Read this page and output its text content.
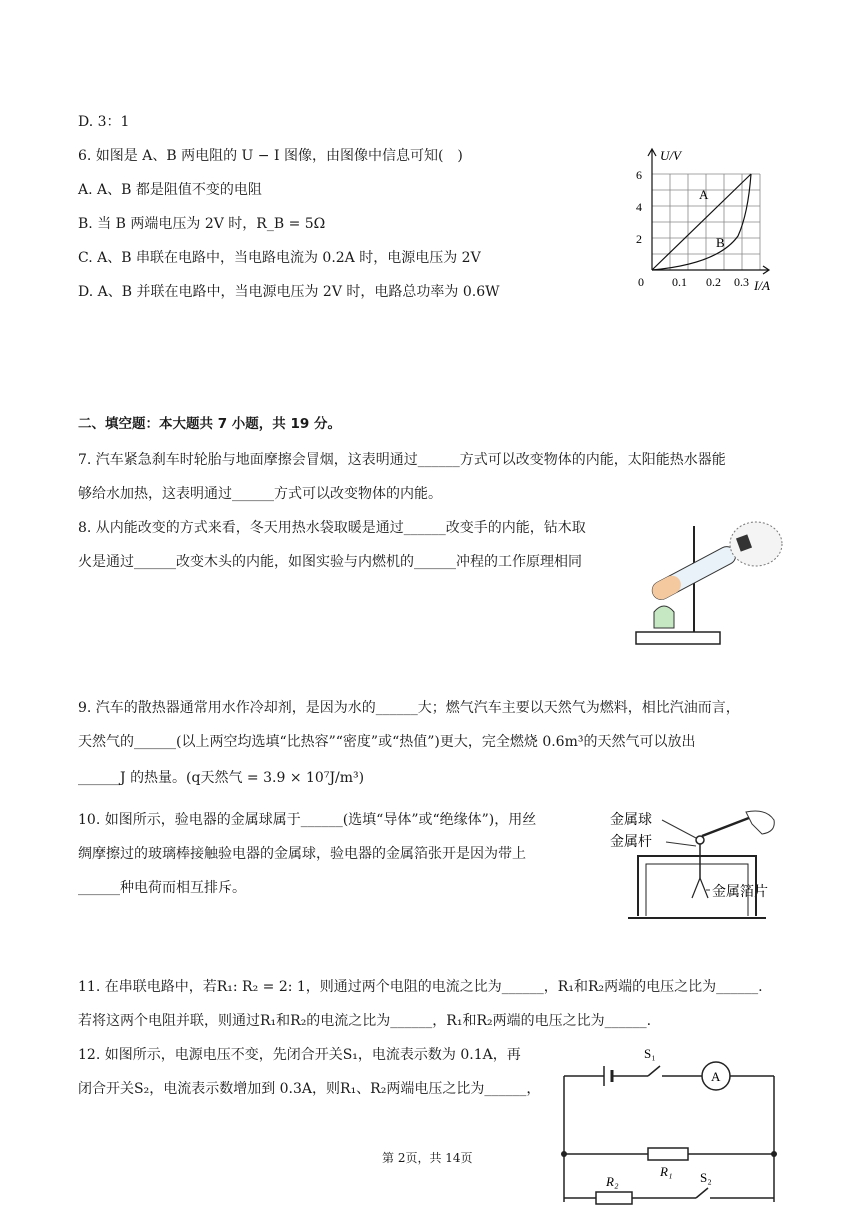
D. 3：1
6. 如图是 A、B 两电阻的 U − I 图像，由图像中信息可知(　)
A. A、B 都是阻值不变的电阻
B. 当 B 两端电压为 2V 时，R_B = 5Ω
C. A、B 串联在电路中，当电路电流为 0.2A 时，电源电压为 2V
D. A、B 并联在电路中，当电源电压为 2V 时，电路总功率为 0.6W
U/V
I/A
6
4
2
0 0.1 0.2 0.3
A
B
二、填空题：本大题共 7 小题，共 19 分。
7. 汽车紧急刹车时轮胎与地面摩擦会冒烟，这表明通过______方式可以改变物体的内能，太阳能热水器能
够给水加热，这表明通过______方式可以改变物体的内能。
8. 从内能改变的方式来看，冬天用热水袋取暖是通过______改变手的内能，钻木取
火是通过______改变木头的内能，如图实验与内燃机的______冲程的工作原理相同
9. 汽车的散热器通常用水作冷却剂，是因为水的______大；燃气汽车主要以天然气为燃料，相比汽油而言，
天然气的______(以上两空均选填“比热容”“密度”或“热值”)更大，完全燃烧 0.6m³的天然气可以放出
______J 的热量。(q天然气 = 3.9 × 10⁷J/m³)
10. 如图所示，验电器的金属球属于______(选填“导体”或“绝缘体”)，用丝
绸摩擦过的玻璃棒接触验电器的金属球，验电器的金属箔张开是因为带上
______种电荷而相互排斥。
金属球
金属杆
金属箔片
11. 在串联电路中，若R₁: R₂ = 2: 1，则通过两个电阻的电流之比为______，R₁和R₂两端的电压之比为______.
若将这两个电阻并联，则通过R₁和R₂的电流之比为______，R₁和R₂两端的电压之比为______.
12. 如图所示，电源电压不变，先闭合开关S₁，电流表示数为 0.1A，再
闭合开关S₂，电流表示数增加到 0.3A，则R₁、R₂两端电压之比为______，
S₁
A
R₁
R₂	S₂
第 2页，共 14页
